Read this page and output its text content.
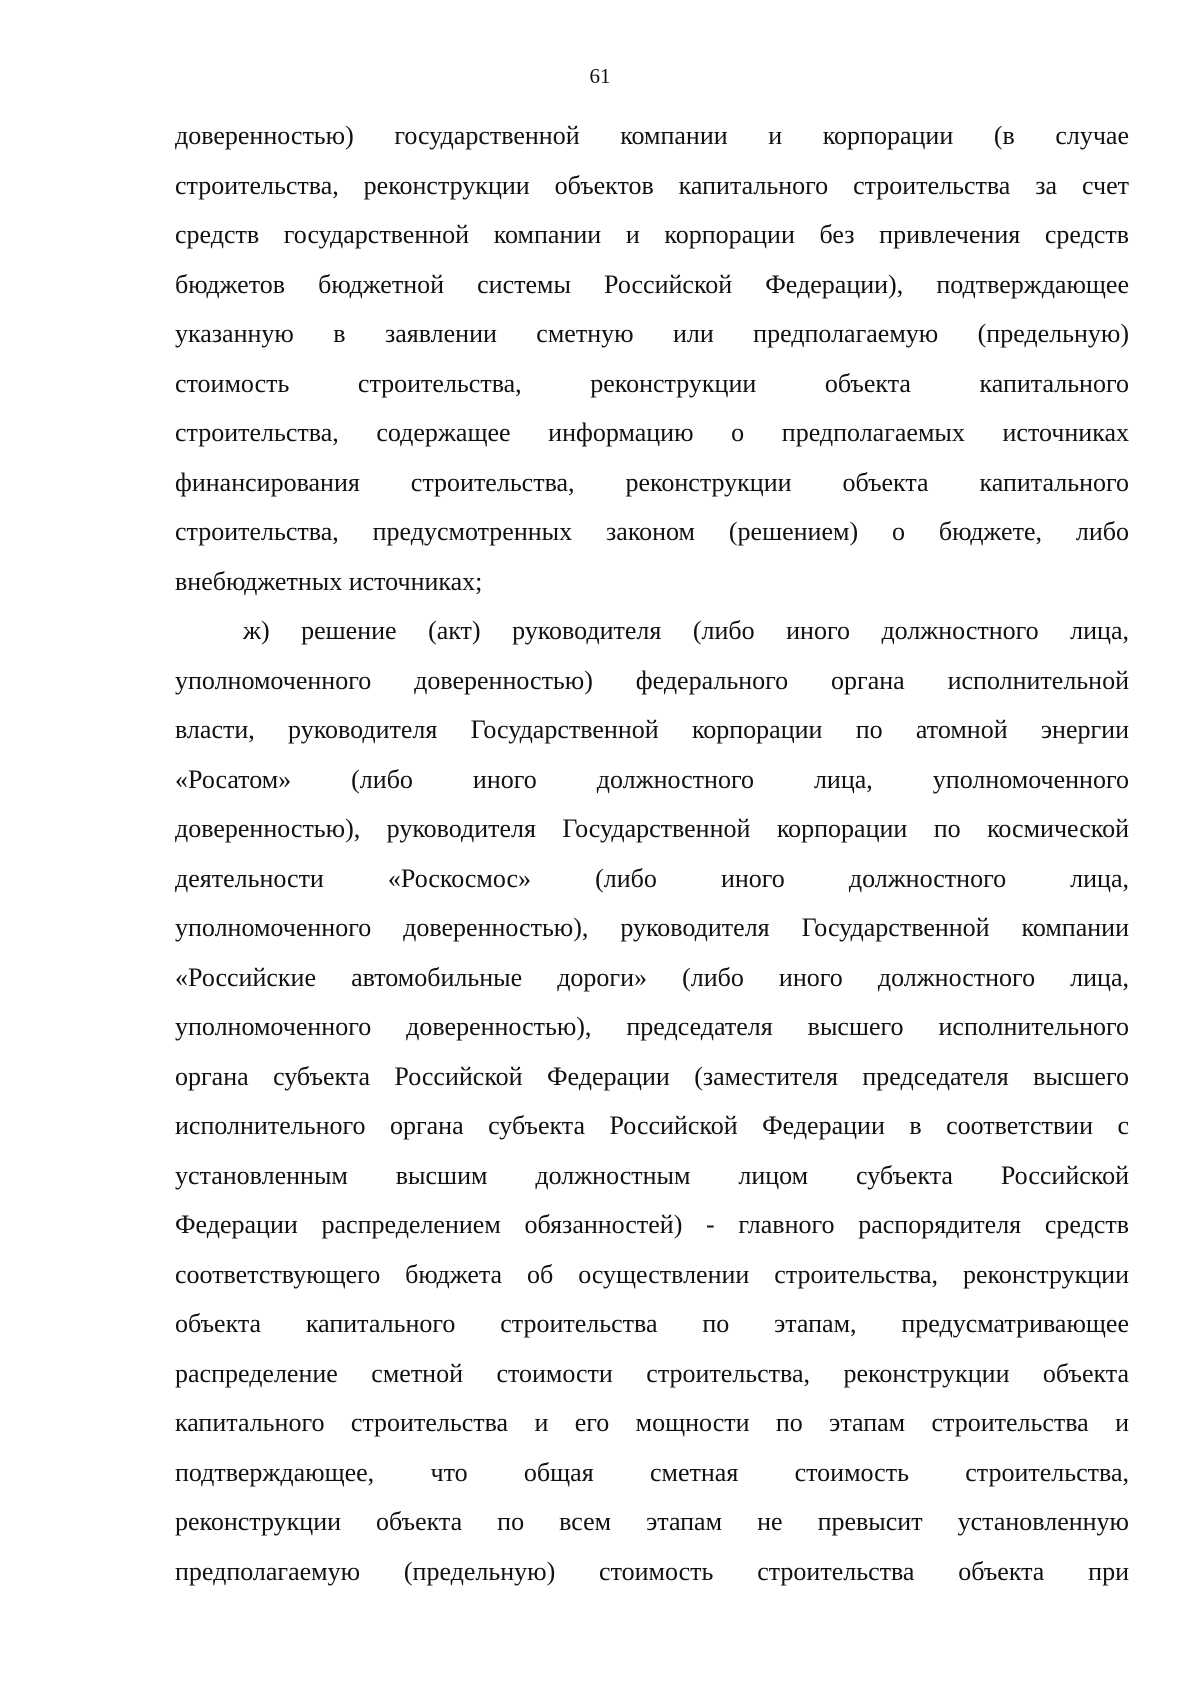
61
доверенностью) государственной компании и корпорации (в случае
строительства, реконструкции объектов капитального строительства за счет
средств государственной компании и корпорации без привлечения средств
бюджетов бюджетной системы Российской Федерации), подтверждающее
указанную в заявлении сметную или предполагаемую (предельную)
стоимость строительства, реконструкции объекта капитального
строительства, содержащее информацию о предполагаемых источниках
финансирования строительства, реконструкции объекта капитального
строительства, предусмотренных законом (решением) о бюджете, либо
внебюджетных источниках;
ж) решение (акт) руководителя (либо иного должностного лица,
уполномоченного доверенностью) федерального органа исполнительной
власти, руководителя Государственной корпорации по атомной энергии
«Росатом» (либо иного должностного лица, уполномоченного
доверенностью), руководителя Государственной корпорации по космической
деятельности «Роскосмос» (либо иного должностного лица,
уполномоченного доверенностью), руководителя Государственной компании
«Российские автомобильные дороги» (либо иного должностного лица,
уполномоченного доверенностью), председателя высшего исполнительного
органа субъекта Российской Федерации (заместителя председателя высшего
исполнительного органа субъекта Российской Федерации в соответствии с
установленным высшим должностным лицом субъекта Российской
Федерации распределением обязанностей) - главного распорядителя средств
соответствующего бюджета об осуществлении строительства, реконструкции
объекта капитального строительства по этапам, предусматривающее
распределение сметной стоимости строительства, реконструкции объекта
капитального строительства и его мощности по этапам строительства и
подтверждающее, что общая сметная стоимость строительства,
реконструкции объекта по всем этапам не превысит установленную
предполагаемую (предельную) стоимость строительства объекта при
